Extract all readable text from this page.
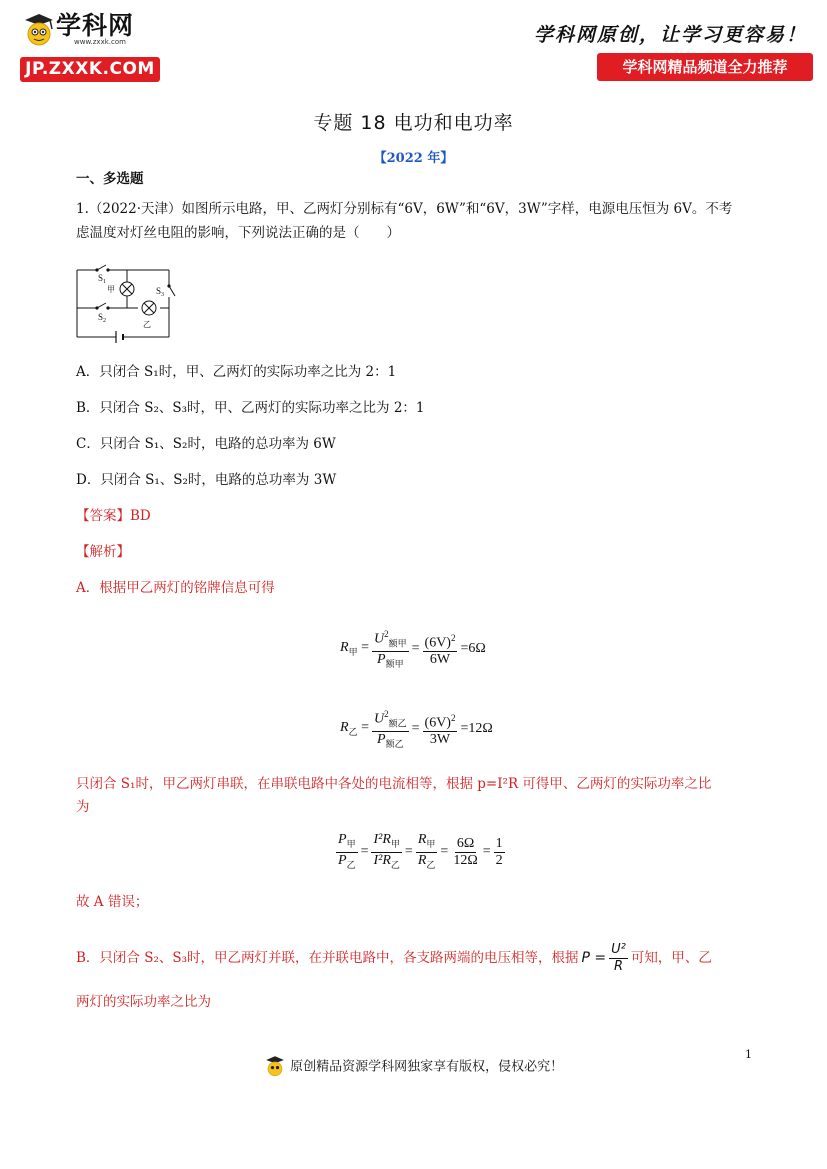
学科网
www.zxxk.com
JP.ZXXK.COM
学科网原创，让学习更容易！
学科网精品频道全力推荐
专题 18 电功和电功率
【2022 年】
一、多选题
1.（2022·天津）如图所示电路，甲、乙两灯分别标有“6V，6W”和“6V，3W”字样，电源电压恒为 6V。不考
虑温度对灯丝电阻的影响，下列说法正确的是（　　）
$S_1$
$S_2$
$S_3$
甲
乙
A．只闭合 S₁时，甲、乙两灯的实际功率之比为 2：1
B．只闭合 S₂、S₃时，甲、乙两灯的实际功率之比为 2：1
C．只闭合 S₁、S₂时，电路的总功率为 6W
D．只闭合 S₁、S₂时，电路的总功率为 3W
【答案】BD
【解析】
A．根据甲乙两灯的铭牌信息可得
$R_甲 = \frac{U^2_{额甲}}{P_{额甲}} = \frac{(6V)^2}{6W} =6\Omega$
$R_乙 = \frac{U^2_{额乙}}{P_{额乙}} = \frac{(6V)^2}{3W} =12\Omega$
只闭合 S₁时，甲乙两灯串联，在串联电路中各处的电流相等，根据 p=I²R 可得甲、乙两灯的实际功率之比
为
$\frac{P_甲}{P_乙} = \frac{I^2R_甲}{I^2R_乙} = \frac{R_甲}{R_乙} = \frac{6\Omega}{12\Omega} = \frac{1}{2}$
故 A 错误；
B．只闭合 S₂、S₃时，甲乙两灯并联，在并联电路中，各支路两端的电压相等，根据 $P = \frac{\text{U²}}{R}$ 可知，甲、乙
两灯的实际功率之比为
1
原创精品资源学科网独家享有版权，侵权必究！
